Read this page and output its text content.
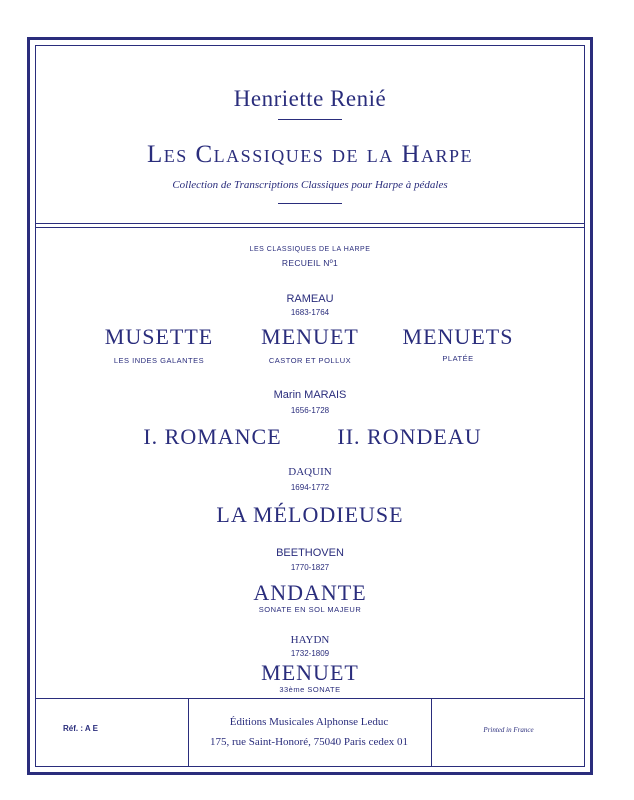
Henriette Renié
Les Classiques de la Harpe
Collection de Transcriptions Classiques pour Harpe à pédales
LES CLASSIQUES DE LA HARPE
RECUEIL Nº1
RAMEAU
1683-1764
MUSETTE
LES INDES GALANTES
MENUET
CASTOR ET POLLUX
MENUETS
PLATÉE
Marin MARAIS
1656-1728
I. ROMANCE	II. RONDEAU
DAQUIN
1694-1772
LA MÉLODIEUSE
BEETHOVEN
1770-1827
ANDANTE
SONATE EN SOL MAJEUR
HAYDN
1732-1809
MENUET
33ème SONATE
Réf. : A E
Éditions Musicales Alphonse Leduc
175, rue Saint-Honoré, 75040 Paris cedex 01
Printed in France
